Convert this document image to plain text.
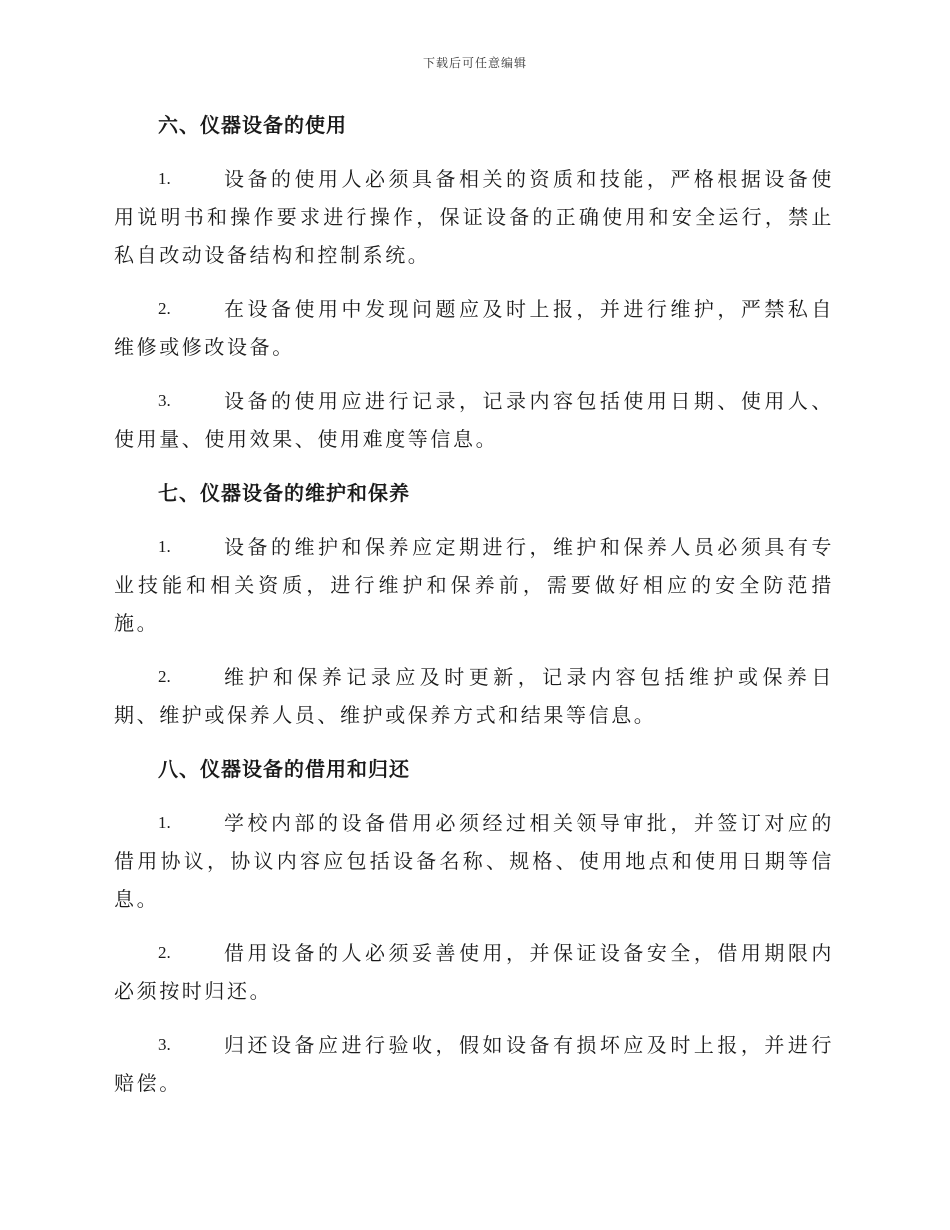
下载后可任意编辑
六、仪器设备的使用
1.	设备的使用人必须具备相关的资质和技能，严格根据设备使用说明书和操作要求进行操作，保证设备的正确使用和安全运行，禁止私自改动设备结构和控制系统。
2.	在设备使用中发现问题应及时上报，并进行维护，严禁私自维修或修改设备。
3.	设备的使用应进行记录，记录内容包括使用日期、使用人、使用量、使用效果、使用难度等信息。
七、仪器设备的维护和保养
1.	设备的维护和保养应定期进行，维护和保养人员必须具有专业技能和相关资质，进行维护和保养前，需要做好相应的安全防范措施。
2.	维护和保养记录应及时更新，记录内容包括维护或保养日期、维护或保养人员、维护或保养方式和结果等信息。
八、仪器设备的借用和归还
1.	学校内部的设备借用必须经过相关领导审批，并签订对应的借用协议，协议内容应包括设备名称、规格、使用地点和使用日期等信息。
2.	借用设备的人必须妥善使用，并保证设备安全，借用期限内必须按时归还。
3.	归还设备应进行验收，假如设备有损坏应及时上报，并进行赔偿。
